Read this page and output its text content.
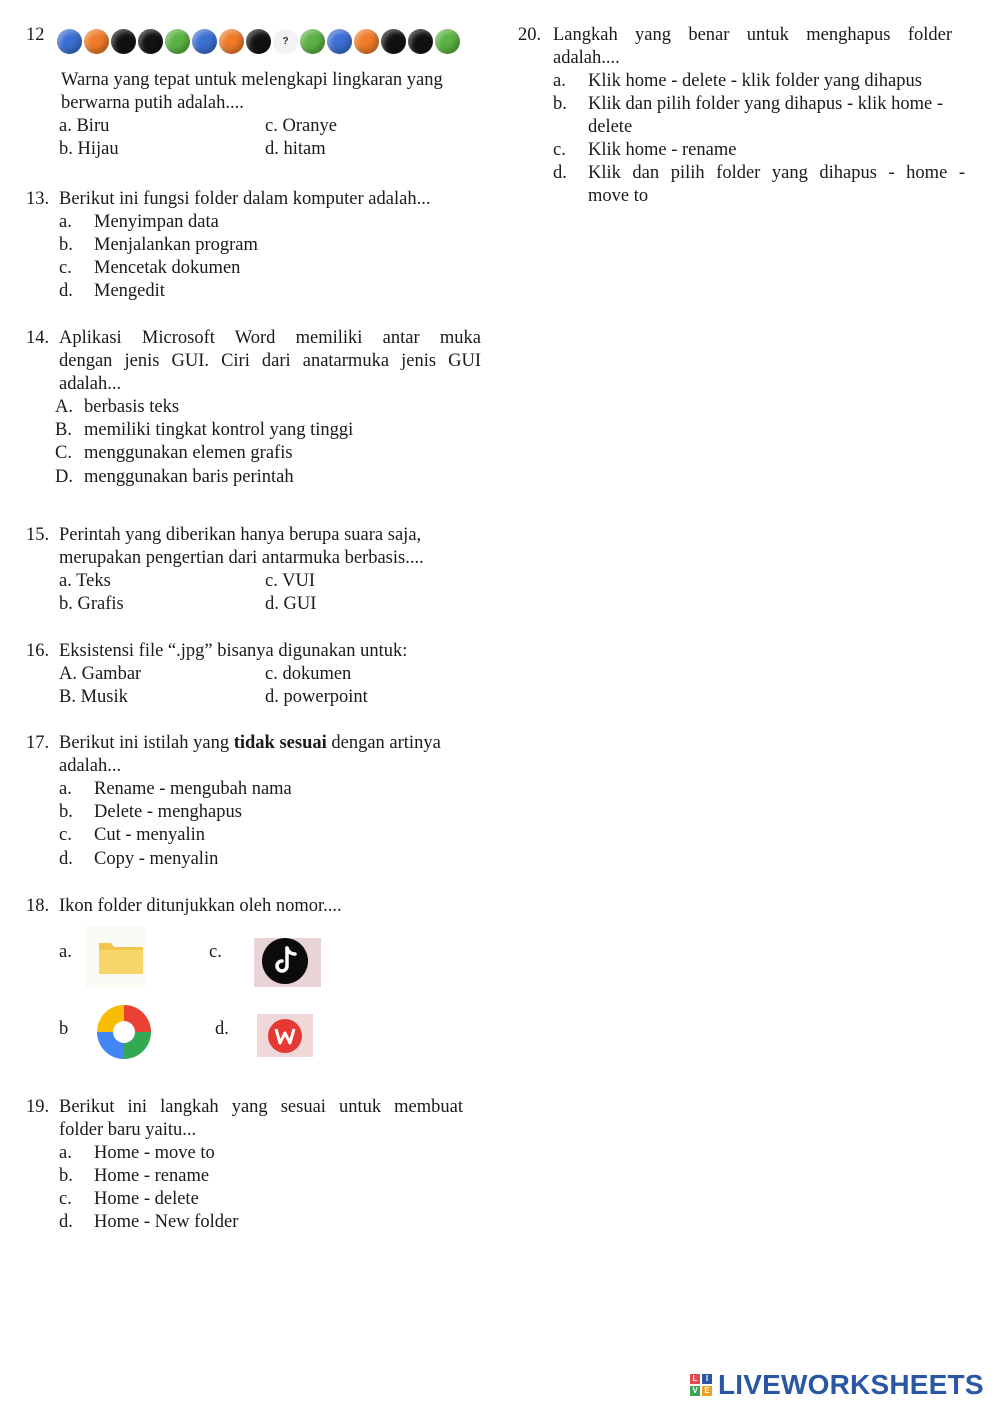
12	?
Warna yang tepat untuk melengkapi lingkaran yang
berwarna putih adalah....
a. Biru
b. Hijau
c. Oranye
d. hitam
13. Berikut ini fungsi folder dalam komputer adalah...
a. Menyimpan data
b. Menjalankan program
c. Mencetak dokumen
d. Mengedit
14. Aplikasi Microsoft Word memiliki antar muka
dengan jenis GUI. Ciri dari anatarmuka jenis GUI
adalah...
A. berbasis teks
B. memiliki tingkat kontrol yang tinggi
C. menggunakan elemen grafis
D. menggunakan baris perintah
15. Perintah yang diberikan hanya berupa suara saja,
merupakan pengertian dari antarmuka berbasis....
a. Teks
b. Grafis
c. VUI
d. GUI
16. Eksistensi file “.jpg” bisanya digunakan untuk:
A. Gambar
B. Musik
c. dokumen
d. powerpoint
17. Berikut ini istilah yang tidak sesuai dengan artinya
adalah...
a. Rename - mengubah nama
b. Delete - menghapus
c. Cut - menyalin
d. Copy - menyalin
18. Ikon folder ditunjukkan oleh nomor....
a.	c.
b	d.
19. Berikut ini langkah yang sesuai untuk membuat
folder baru yaitu...
a. Home - move to
b. Home - rename
c. Home - delete
d. Home - New folder
20. Langkah yang benar untuk menghapus folder
adalah....
a. Klik home - delete - klik folder yang dihapus
b. Klik dan pilih folder yang dihapus - klik home -
delete
c. Klik home - rename
d. Klik dan pilih folder yang dihapus - home -
move to
L	I
V E LIVEWORKSHEETS
